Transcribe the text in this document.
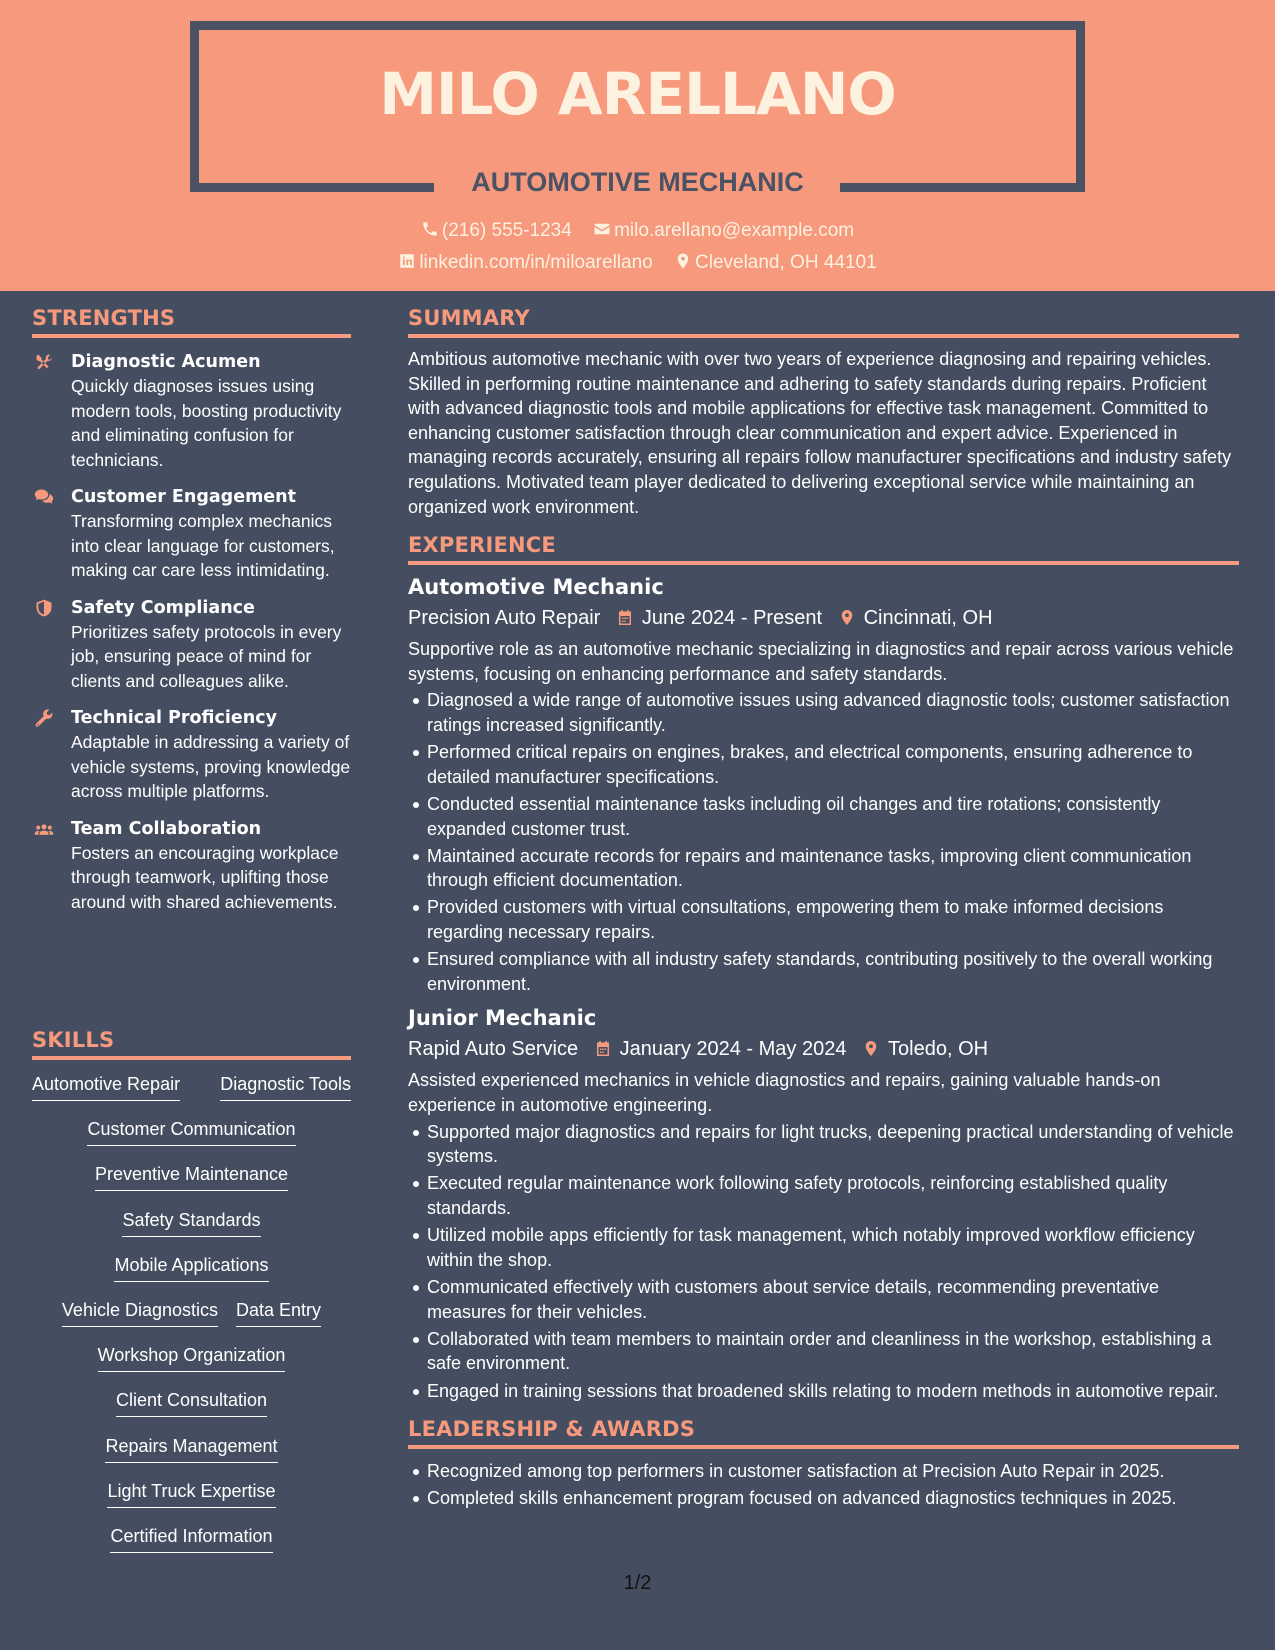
MILO ARELLANO
AUTOMOTIVE MECHANIC
(216) 555-1234 milo.arellano@example.com
linkedin.com/in/miloarellano Cleveland, OH 44101
STRENGTHS
Diagnostic Acumen
Quickly diagnoses issues using modern tools, boosting productivity and eliminating confusion for technicians.
Customer Engagement
Transforming complex mechanics into clear language for customers, making car care less intimidating.
Safety Compliance
Prioritizes safety protocols in every job, ensuring peace of mind for clients and colleagues alike.
Technical Proficiency
Adaptable in addressing a variety of vehicle systems, proving knowledge across multiple platforms.
Team Collaboration
Fosters an encouraging workplace through teamwork, uplifting those around with shared achievements.
SKILLS
Automotive Repair Diagnostic Tools
Customer Communication
Preventive Maintenance
Safety Standards
Mobile Applications
Vehicle Diagnostics Data Entry
Workshop Organization
Client Consultation
Repairs Management
Light Truck Expertise
Certified Information
SUMMARY
Ambitious automotive mechanic with over two years of experience diagnosing and repairing vehicles. Skilled in performing routine maintenance and adhering to safety standards during repairs. Proficient with advanced diagnostic tools and mobile applications for effective task management. Committed to enhancing customer satisfaction through clear communication and expert advice. Experienced in managing records accurately, ensuring all repairs follow manufacturer specifications and industry safety regulations. Motivated team player dedicated to delivering exceptional service while maintaining an organized work environment.
EXPERIENCE
Automotive Mechanic
Precision Auto Repair June 2024 - Present Cincinnati, OH
Supportive role as an automotive mechanic specializing in diagnostics and repair across various vehicle systems, focusing on enhancing performance and safety standards.
Diagnosed a wide range of automotive issues using advanced diagnostic tools; customer satisfaction ratings increased significantly.
Performed critical repairs on engines, brakes, and electrical components, ensuring adherence to detailed manufacturer specifications.
Conducted essential maintenance tasks including oil changes and tire rotations; consistently expanded customer trust.
Maintained accurate records for repairs and maintenance tasks, improving client communication through efficient documentation.
Provided customers with virtual consultations, empowering them to make informed decisions regarding necessary repairs.
Ensured compliance with all industry safety standards, contributing positively to the overall working environment.
Junior Mechanic
Rapid Auto Service January 2024 - May 2024 Toledo, OH
Assisted experienced mechanics in vehicle diagnostics and repairs, gaining valuable hands-on experience in automotive engineering.
Supported major diagnostics and repairs for light trucks, deepening practical understanding of vehicle systems.
Executed regular maintenance work following safety protocols, reinforcing established quality standards.
Utilized mobile apps efficiently for task management, which notably improved workflow efficiency within the shop.
Communicated effectively with customers about service details, recommending preventative measures for their vehicles.
Collaborated with team members to maintain order and cleanliness in the workshop, establishing a safe environment.
Engaged in training sessions that broadened skills relating to modern methods in automotive repair.
LEADERSHIP & AWARDS
Recognized among top performers in customer satisfaction at Precision Auto Repair in 2025.
Completed skills enhancement program focused on advanced diagnostics techniques in 2025.
1/2
